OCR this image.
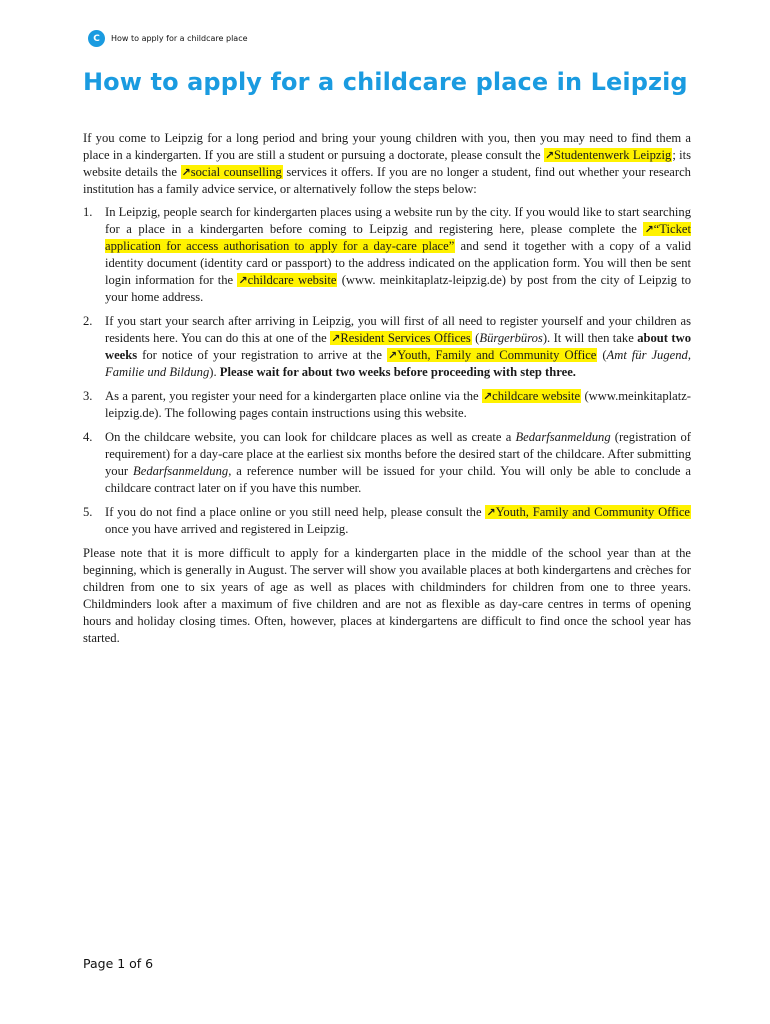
C	How to apply for a childcare place
How to apply for a childcare place in Leipzig

If you come to Leipzig for a long period and bring your young children with you, then you may need to find them a place in a kindergarten. If you are still a student or pursuing a doctorate, please consult the ↗Studentenwerk Leipzig; its website details the ↗social counselling services it offers. If you are no longer a student, find out whether your research institution has a family advice service, or alternatively follow the steps below:

1. In Leipzig, people search for kindergarten places using a website run by the city. If you would like to start searching for a place in a kindergarten before coming to Leipzig and registering here, please complete the ↗“Ticket application for access authorisation to apply for a day-care place” and send it together with a copy of a valid identity document (identity card or passport) to the address indicated on the application form. You will then be sent login information for the ↗childcare website (www. meinkitaplatz-leipzig.de) by post from the city of Leipzig to your home address.
2. If you start your search after arriving in Leipzig, you will first of all need to register yourself and your children as residents here. You can do this at one of the ↗Resident Services Offices (Bürgerbüros). It will then take about two weeks for notice of your registration to arrive at the ↗Youth, Family and Community Office (Amt für Jugend, Familie und Bildung). Please wait for about two weeks before proceeding with step three.
3. As a parent, you register your need for a kindergarten place online via the ↗childcare website (www.meinkitaplatz-leipzig.de). The following pages contain instructions using this website.
4. On the childcare website, you can look for childcare places as well as create a Bedarfsanmeldung (registration of requirement) for a day-care place at the earliest six months before the desired start of the childcare. After submitting your Bedarfsanmeldung, a reference number will be issued for your child. You will only be able to conclude a childcare contract later on if you have this number.
5. If you do not find a place online or you still need help, please consult the ↗Youth, Family and Community Office once you have arrived and registered in Leipzig.

Please note that it is more difficult to apply for a kindergarten place in the middle of the school year than at the beginning, which is generally in August. The server will show you available places at both kindergartens and crèches for children from one to six years of age as well as places with childminders for children from one to three years. Childminders look after a maximum of five children and are not as flexible as day-care centres in terms of opening hours and holiday closing times. Often, however, places at kindergartens are difficult to find once the school year has started.

Page 1 of 6
